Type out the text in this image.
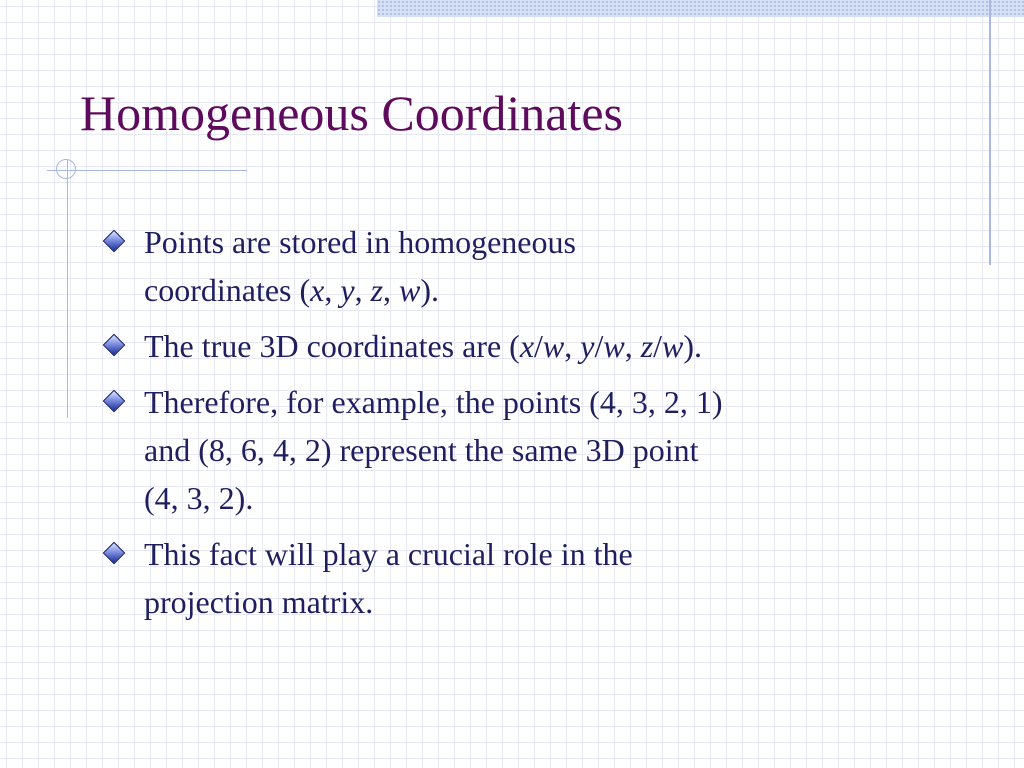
Homogeneous Coordinates
Points are stored in homogeneous
coordinates (x, y, z, w).
The true 3D coordinates are (x/w, y/w, z/w).
Therefore, for example, the points (4, 3, 2, 1)
and (8, 6, 4, 2) represent the same 3D point
(4, 3, 2).
This fact will play a crucial role in the
projection matrix.
